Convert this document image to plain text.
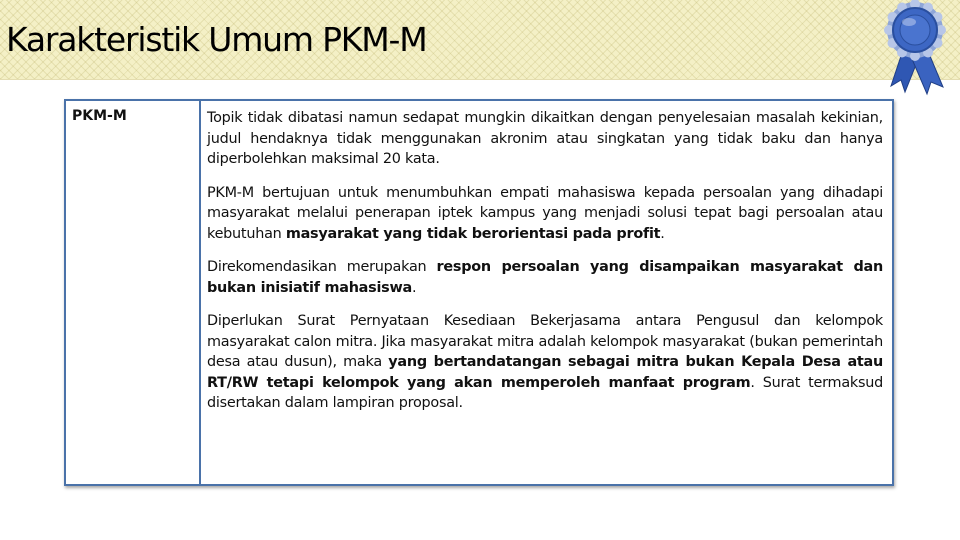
Karakteristik Umum PKM-M
PKM-M	Topik tidak dibatasi namun sedapat mungkin dikaitkan dengan penyelesaian masalah kekinian, judul hendaknya tidak menggunakan akronim atau singkatan yang tidak baku dan hanya diperbolehkan maksimal 20 kata.
PKM-M bertujuan untuk menumbuhkan empati mahasiswa kepada persoalan yang dihadapi masyarakat melalui penerapan iptek kampus yang menjadi solusi tepat bagi persoalan atau kebutuhan masyarakat yang tidak berorientasi pada profit.
Direkomendasikan merupakan respon persoalan yang disampaikan masyarakat dan bukan inisiatif mahasiswa.
Diperlukan Surat Pernyataan Kesediaan Bekerjasama antara Pengusul dan kelompok masyarakat calon mitra. Jika masyarakat mitra adalah kelompok masyarakat (bukan pemerintah desa atau dusun), maka yang bertandatangan sebagai mitra bukan Kepala Desa atau RT/RW tetapi kelompok yang akan memperoleh manfaat program. Surat termaksud disertakan dalam lampiran proposal.
